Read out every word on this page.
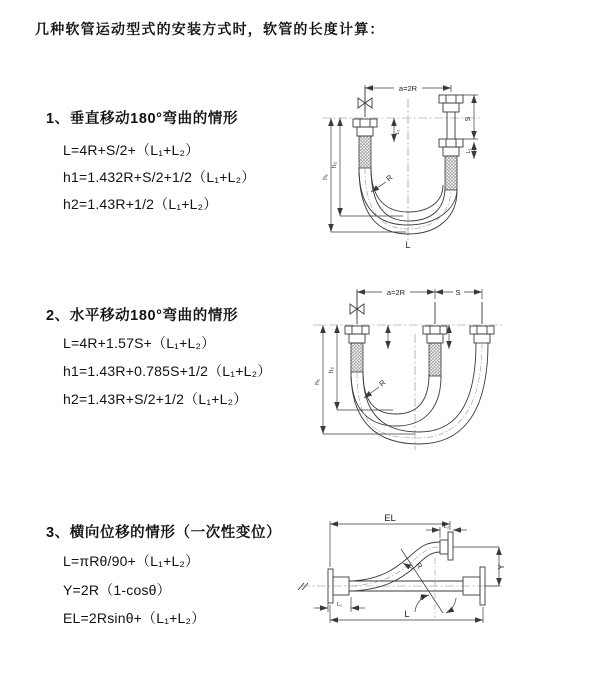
几种软管运动型式的安装方式时，软管的长度计算：
1、垂直移动180°弯曲的情形
L=4R+S/2+（L₁+L₂）
h1=1.432R+S/2+1/2（L₁+L₂）
h2=1.43R+1/2（L₁+L₂）
2、水平移动180°弯曲的情形
L=4R+1.57S+（L₁+L₂）
h1=1.43R+0.785S+1/2（L₁+L₂）
h2=1.43R+S/2+1/2（L₁+L₂）
3、横向位移的情形（一次性变位）
L=πRθ/90+（L₁+L₂）
Y=2R（1-cosθ）
EL=2Rsinθ+（L₁+L₂）
a=2R
S
L₁
L₁
h₁
h₂
R
L
a=2R	S
h₁
h₂
R
EL
L₂
Y
R
θ
L₁
L
